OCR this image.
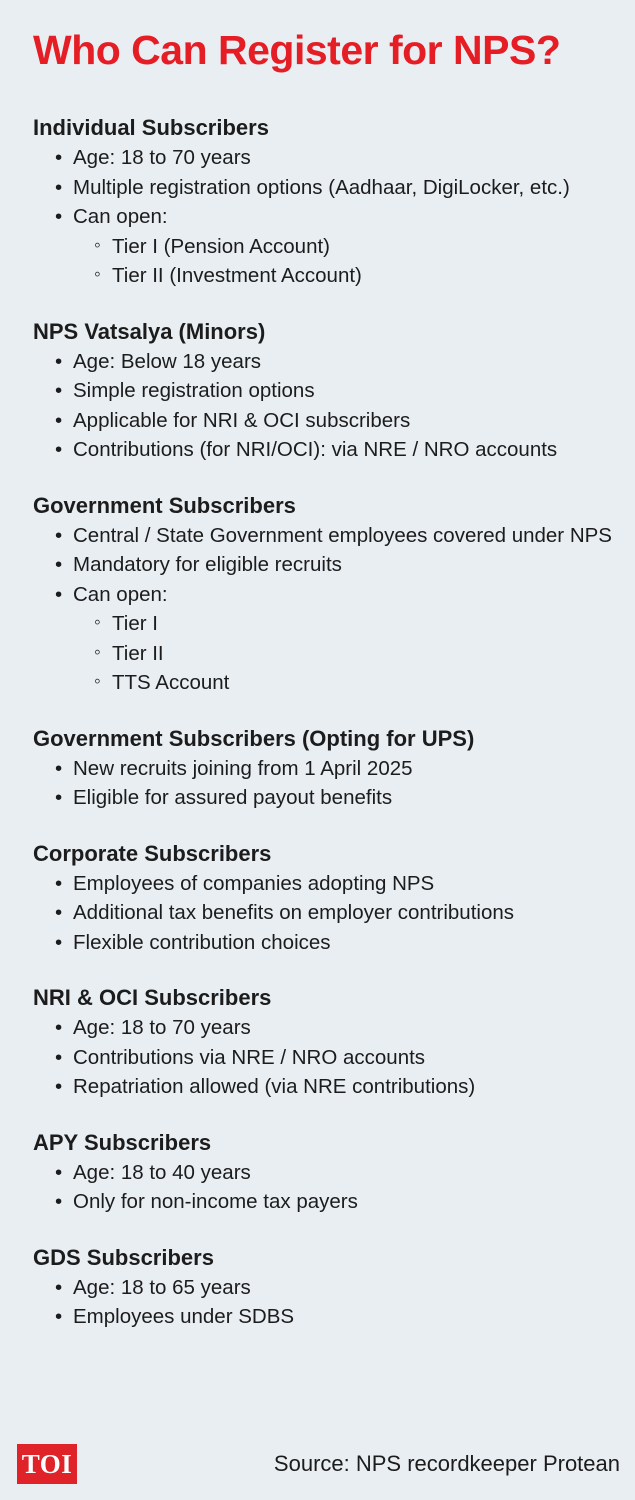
Who Can Register for NPS?
Individual Subscribers
• Age: 18 to 70 years
• Multiple registration options (Aadhaar, DigiLocker, etc.)
• Can open:
◦ Tier I (Pension Account)
◦ Tier II (Investment Account)
NPS Vatsalya (Minors)
• Age: Below 18 years
• Simple registration options
• Applicable for NRI & OCI subscribers
• Contributions (for NRI/OCI): via NRE / NRO accounts
Government Subscribers
• Central / State Government employees covered under NPS
• Mandatory for eligible recruits
• Can open:
◦ Tier I
◦ Tier II
◦ TTS Account
Government Subscribers (Opting for UPS)
• New recruits joining from 1 April 2025
• Eligible for assured payout benefits
Corporate Subscribers
• Employees of companies adopting NPS
• Additional tax benefits on employer contributions
• Flexible contribution choices
NRI & OCI Subscribers
• Age: 18 to 70 years
• Contributions via NRE / NRO accounts
• Repatriation allowed (via NRE contributions)
APY Subscribers
• Age: 18 to 40 years
• Only for non-income tax payers
GDS Subscribers
• Age: 18 to 65 years
• Employees under SDBS
TOI	Source: NPS recordkeeper Protean
